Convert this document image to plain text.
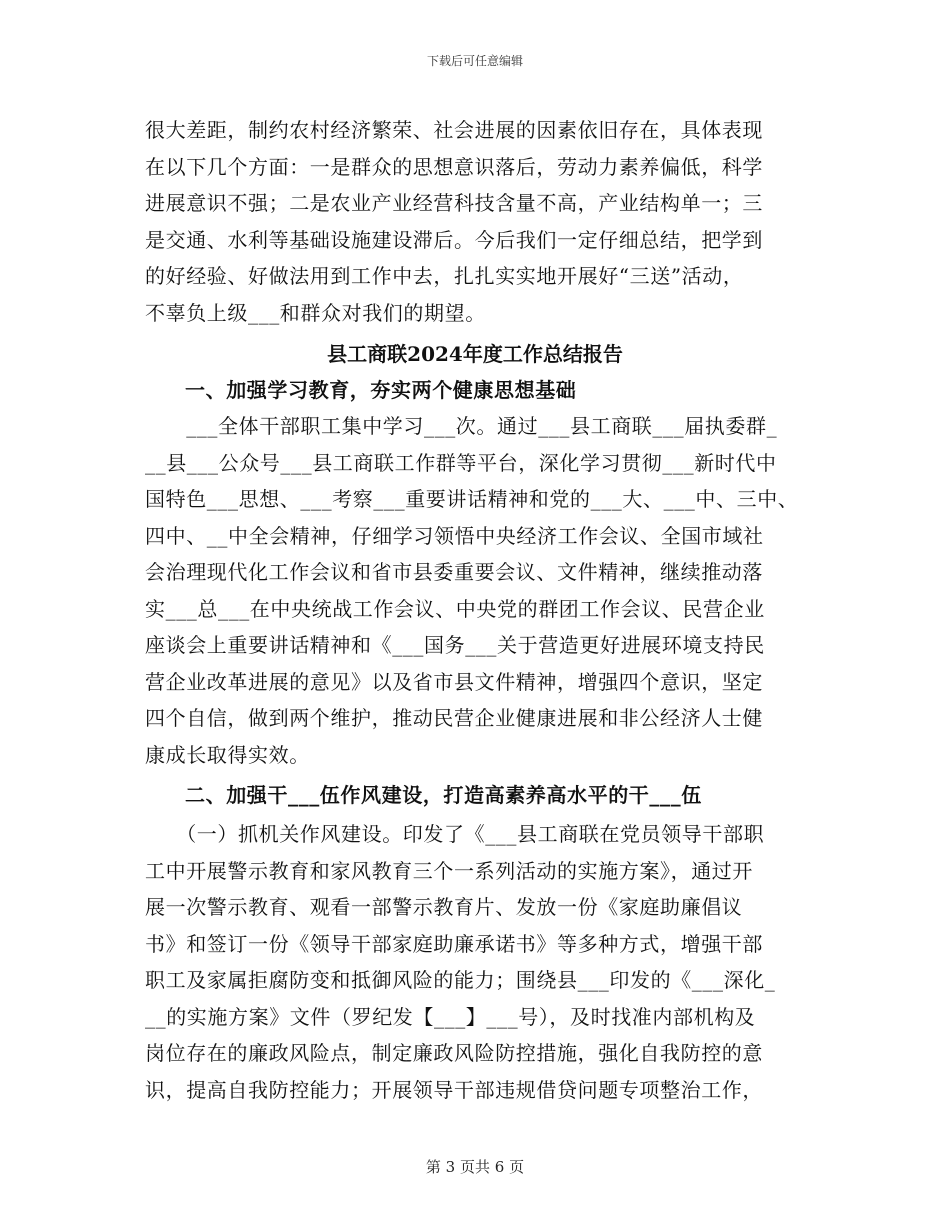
下载后可任意编辑
很大差距，制约农村经济繁荣、社会进展的因素依旧存在，具体表现
在以下几个方面：一是群众的思想意识落后，劳动力素养偏低，科学
进展意识不强；二是农业产业经营科技含量不高，产业结构单一；三
是交通、水利等基础设施建设滞后。今后我们一定仔细总结，把学到
的好经验、好做法用到工作中去，扎扎实实地开展好“三送”活动，
不辜负上级___和群众对我们的期望。
县工商联2024年度工作总结报告
一、加强学习教育，夯实两个健康思想基础
　　___全体干部职工集中学习___次。通过___县工商联___届执委群_
__县___公众号___县工商联工作群等平台，深化学习贯彻___新时代中
国特色___思想、___考察___重要讲话精神和党的___大、___中、三中、
四中、__中全会精神，仔细学习领悟中央经济工作会议、全国市域社
会治理现代化工作会议和省市县委重要会议、文件精神，继续推动落
实___总___在中央统战工作会议、中央党的群团工作会议、民营企业
座谈会上重要讲话精神和《___国务___关于营造更好进展环境支持民
营企业改革进展的意见》以及省市县文件精神，增强四个意识，坚定
四个自信，做到两个维护，推动民营企业健康进展和非公经济人士健
康成长取得实效。
二、加强干___伍作风建设，打造高素养高水平的干___伍
　　（一）抓机关作风建设。印发了《___县工商联在党员领导干部职
工中开展警示教育和家风教育三个一系列活动的实施方案》，通过开
展一次警示教育、观看一部警示教育片、发放一份《家庭助廉倡议
书》和签订一份《领导干部家庭助廉承诺书》等多种方式，增强干部
职工及家属拒腐防变和抵御风险的能力；围绕县___印发的《___深化_
__的实施方案》文件（罗纪发【___】___号），及时找准内部机构及
岗位存在的廉政风险点，制定廉政风险防控措施，强化自我防控的意
识，提高自我防控能力；开展领导干部违规借贷问题专项整治工作，
第 3 页共 6 页
